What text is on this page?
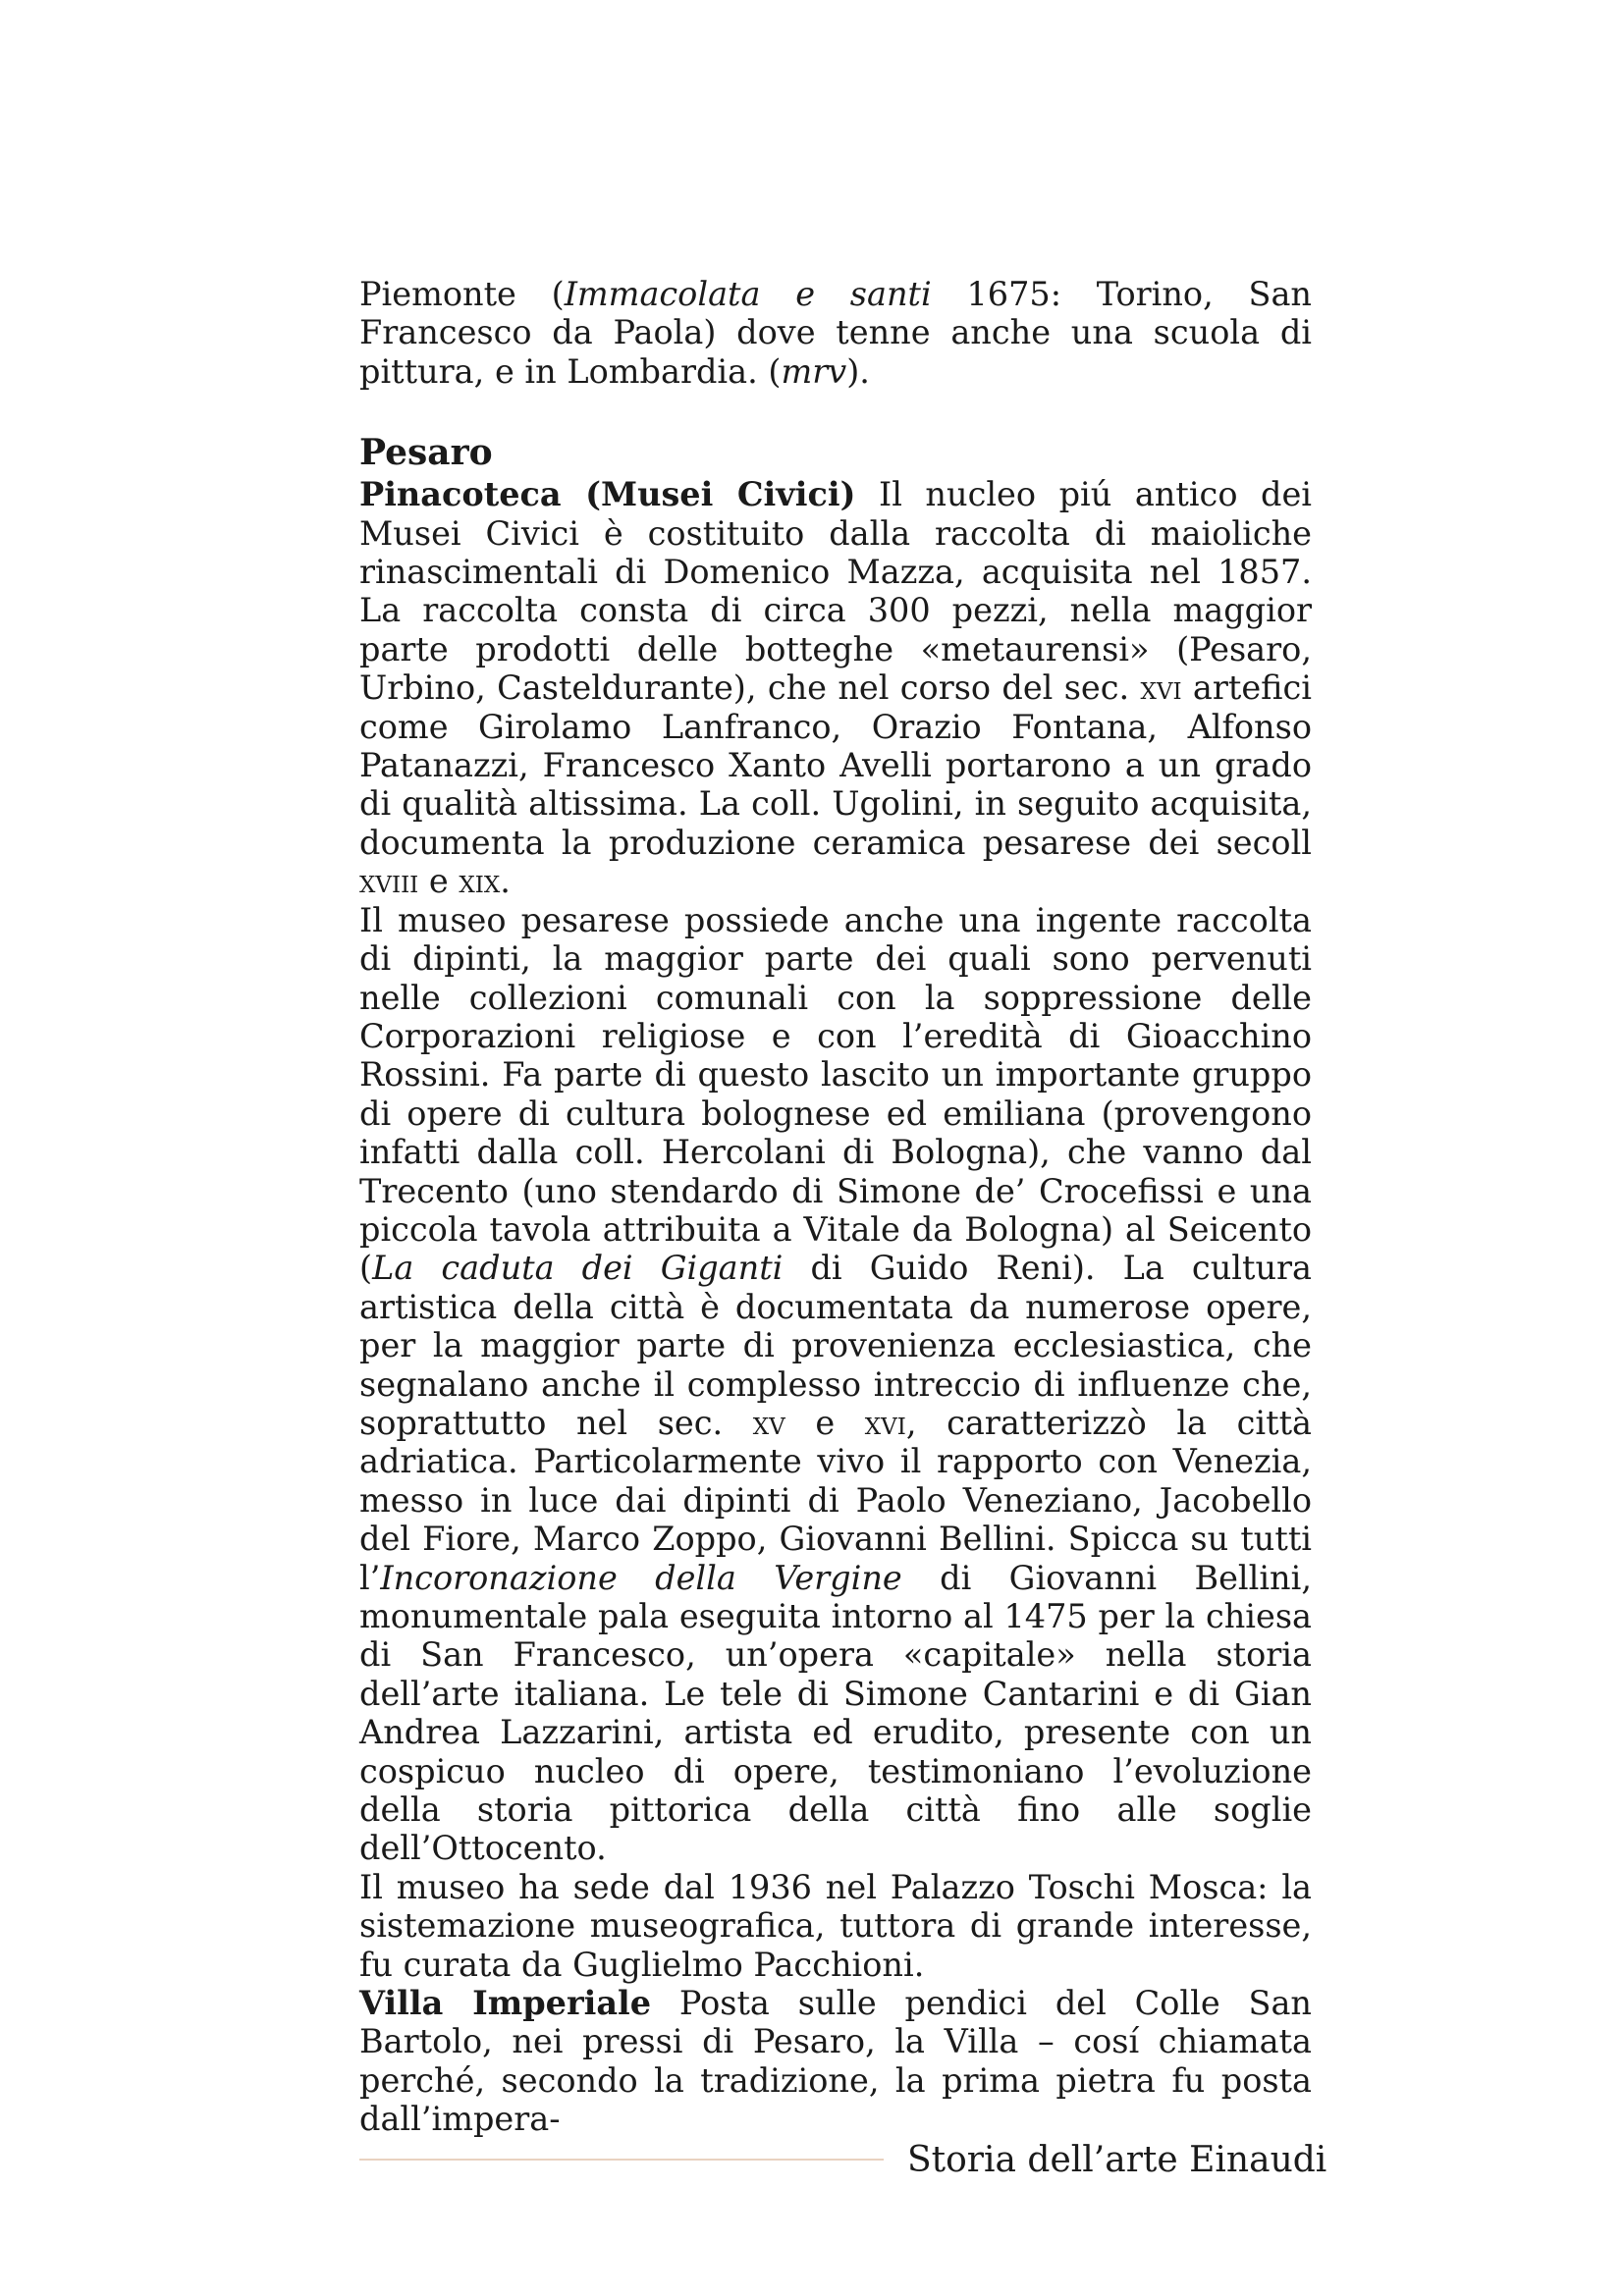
Piemonte (Immacolata e santi 1675: Torino, San Francesco da Paola) dove tenne anche una scuola di pittura, e in Lombardia. (mrv).

Pesaro

Pinacoteca (Musei Civici) Il nucleo piú antico dei Musei Civici è costituito dalla raccolta di maioliche rinascimentali di Domenico Mazza, acquisita nel 1857. La raccolta consta di circa 300 pezzi, nella maggior parte prodotti delle botteghe «metaurensi» (Pesaro, Urbino, Casteldurante), che nel corso del sec. xvi artefici come Girolamo Lanfranco, Orazio Fontana, Alfonso Patanazzi, Francesco Xanto Avelli portarono a un grado di qualità altissima. La coll. Ugolini, in seguito acquisita, documenta la produzione ceramica pesarese dei secoll xviii e xix.

Il museo pesarese possiede anche una ingente raccolta di dipinti, la maggior parte dei quali sono pervenuti nelle collezioni comunali con la soppressione delle Corporazioni religiose e con l’eredità di Gioacchino Rossini. Fa parte di questo lascito un importante gruppo di opere di cultura bolognese ed emiliana (provengono infatti dalla coll. Hercolani di Bologna), che vanno dal Trecento (uno stendardo di Simone de’ Crocefissi e una piccola tavola attribuita a Vitale da Bologna) al Seicento (La caduta dei Giganti di Guido Reni). La cultura artistica della città è documentata da numerose opere, per la maggior parte di provenienza ecclesiastica, che segnalano anche il complesso intreccio di influenze che, soprattutto nel sec. xv e xvi, caratterizzò la città adriatica. Particolarmente vivo il rapporto con Venezia, messo in luce dai dipinti di Paolo Veneziano, Jacobello del Fiore, Marco Zoppo, Giovanni Bellini. Spicca su tutti l’Incoronazione della Vergine di Giovanni Bellini, monumentale pala eseguita intorno al 1475 per la chiesa di San Francesco, un’opera «capitale» nella storia dell’arte italiana. Le tele di Simone Cantarini e di Gian Andrea Lazzarini, artista ed erudito, presente con un cospicuo nucleo di opere, testimoniano l’evoluzione della storia pittorica della città fino alle soglie dell’Ottocento.

Il museo ha sede dal 1936 nel Palazzo Toschi Mosca: la sistemazione museografica, tuttora di grande interesse, fu curata da Guglielmo Pacchioni.

Villa Imperiale Posta sulle pendici del Colle San Bartolo, nei pressi di Pesaro, la Villa – cosí chiamata perché, secondo la tradizione, la prima pietra fu posta dall’impera-

Storia dell’arte Einaudi
